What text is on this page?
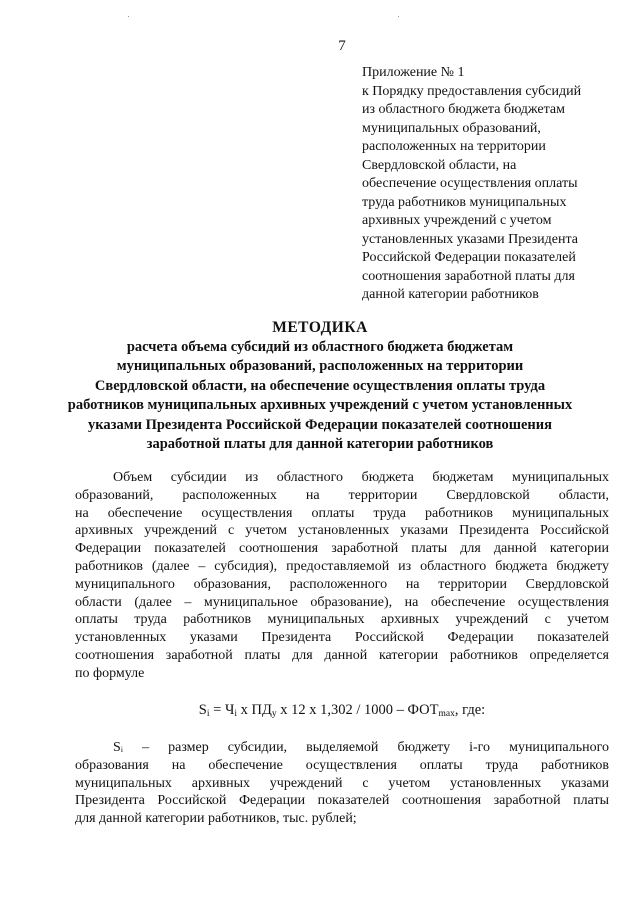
7
Приложение № 1
к Порядку предоставления субсидий
из областного бюджета бюджетам
муниципальных образований,
расположенных на территории
Свердловской области, на
обеспечение осуществления оплаты
труда работников муниципальных
архивных учреждений с учетом
установленных указами Президента
Российской Федерации показателей
соотношения заработной платы для
данной категории работников
МЕТОДИКА
расчета объема субсидий из областного бюджета бюджетам
муниципальных образований, расположенных на территории
Свердловской области, на обеспечение осуществления оплаты труда
работников муниципальных архивных учреждений с учетом установленных
указами Президента Российской Федерации показателей соотношения
заработной платы для данной категории работников
Объем субсидии из областного бюджета бюджетам муниципальных
образований, расположенных на территории Свердловской области,
на обеспечение осуществления оплаты труда работников муниципальных
архивных учреждений с учетом установленных указами Президента Российской
Федерации показателей соотношения заработной платы для данной категории
работников (далее – субсидия), предоставляемой из областного бюджета бюджету
муниципального образования, расположенного на территории Свердловской
области (далее – муниципальное образование), на обеспечение осуществления
оплаты труда работников муниципальных архивных учреждений с учетом
установленных указами Президента Российской Федерации показателей
соотношения заработной платы для данной категории работников определяется
по формуле
$S_i = Ч_i$ х $ПД_у$ х 12 х $1,302 / 1000 - ФОТ_{max}$, где:
Sᵢ – размер субсидии, выделяемой бюджету i-го муниципального
образования на обеспечение осуществления оплаты труда работников
муниципальных архивных учреждений с учетом установленных указами
Президента Российской Федерации показателей соотношения заработной платы
для данной категории работников, тыс. рублей;
